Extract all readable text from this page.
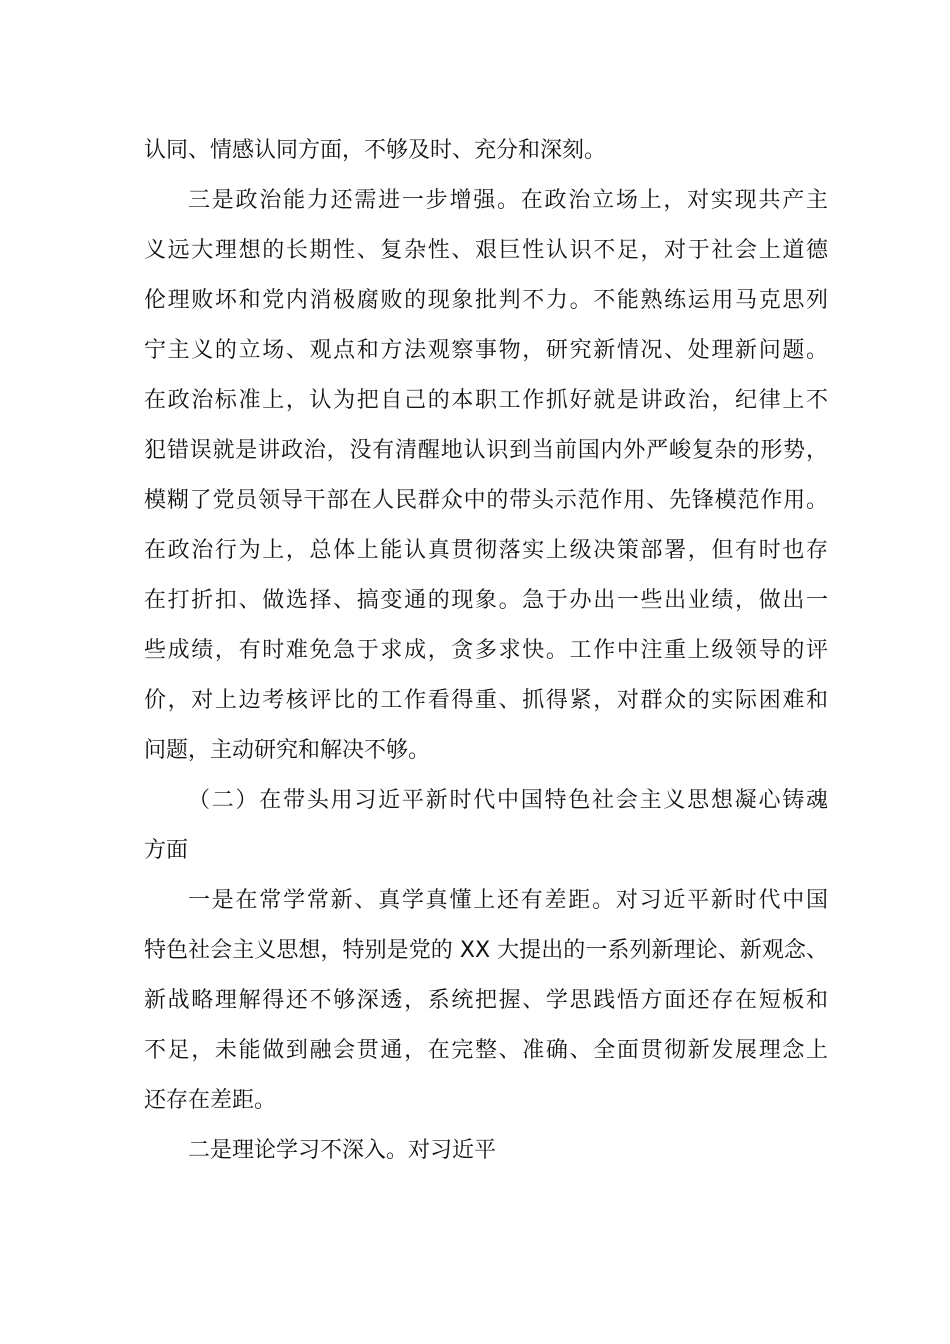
认同、情感认同方面，不够及时、充分和深刻。
三是政治能力还需进一步增强。在政治立场上，对实现共产主
义远大理想的长期性、复杂性、艰巨性认识不足，对于社会上道德
伦理败坏和党内消极腐败的现象批判不力。不能熟练运用马克思列
宁主义的立场、观点和方法观察事物，研究新情况、处理新问题。
在政治标准上，认为把自己的本职工作抓好就是讲政治，纪律上不
犯错误就是讲政治，没有清醒地认识到当前国内外严峻复杂的形势，
模糊了党员领导干部在人民群众中的带头示范作用、先锋模范作用。
在政治行为上，总体上能认真贯彻落实上级决策部署，但有时也存
在打折扣、做选择、搞变通的现象。急于办出一些出业绩，做出一
些成绩，有时难免急于求成，贪多求快。工作中注重上级领导的评
价，对上边考核评比的工作看得重、抓得紧，对群众的实际困难和
问题，主动研究和解决不够。
（二）在带头用习近平新时代中国特色社会主义思想凝心铸魂
方面
一是在常学常新、真学真懂上还有差距。对习近平新时代中国
特色社会主义思想，特别是党的 XX 大提出的一系列新理论、新观念、
新战略理解得还不够深透，系统把握、学思践悟方面还存在短板和
不足，未能做到融会贯通，在完整、准确、全面贯彻新发展理念上
还存在差距。
二是理论学习不深入。对习近平
